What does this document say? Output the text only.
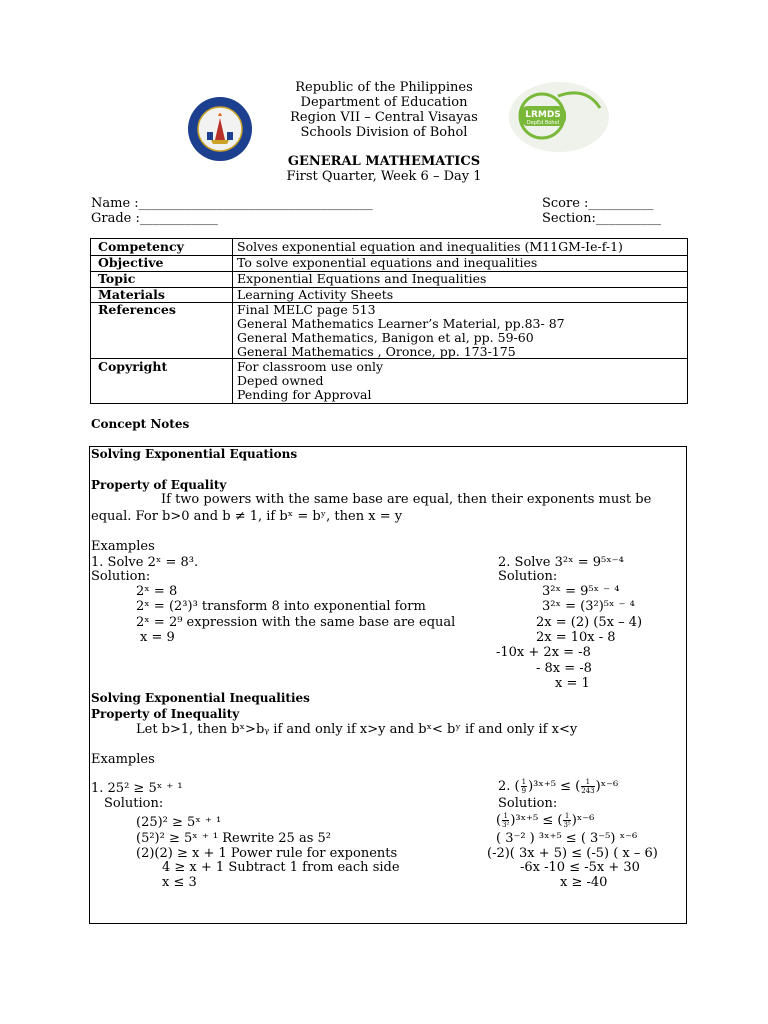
LRMDS
DepEd Bohol
Republic of the Philippines
Department of Education
Region VII – Central Visayas
Schools Division of Bohol
GENERAL MATHEMATICS
First Quarter, Week 6 – Day 1
Name :____________________________________
Grade :____________
Score :__________
Section:__________
Competency	Solves exponential equation and inequalities (M11GM-Ie-f-1)
Objective	To solve exponential equations and inequalities
Topic	Exponential Equations and Inequalities
Materials	Learning Activity Sheets
References	Final MELC page 513
General Mathematics Learner’s Material, pp.83- 87
General Mathematics, Banigon et al, pp. 59-60
General Mathematics , Oronce, pp. 173-175
Copyright	For classroom use only
Deped owned
Pending for Approval
Concept Notes
Solving Exponential Equations
Property of Equality
If two powers with the same base are equal, then their exponents must be
equal. For b>0 and b ≠ 1, if bˣ = bʸ, then x = y
Examples
1. Solve 2ˣ = 8³.
Solution:
2ˣ = 8
2ˣ = (2³)³ transform 8 into exponential form
2ˣ = 2⁹ expression with the same base are equal
x = 9
2. Solve 3²ˣ = 9⁵ˣ⁻⁴
Solution:
3²ˣ = 9⁵ˣ ⁻ ⁴
3²ˣ = (3²)⁵ˣ ⁻ ⁴
2x = (2) (5x – 4)
2x = 10x - 8
-10x + 2x = -8
- 8x = -8
x = 1
Solving Exponential Inequalities
Property of Inequality
Let b>1, then bˣ>bᵧ if and only if x>y and bˣ< bʸ if and only if x<y
Examples
1. 25² ≥ 5ˣ ⁺ ¹
Solution:
(25)² ≥ 5ˣ ⁺ ¹
(5²)² ≥ 5ˣ ⁺ ¹ Rewrite 25 as 5²
(2)(2) ≥ x + 1 Power rule for exponents
4 ≥ x + 1 Subtract 1 from each side
x ≤ 3
2. ( $\frac{1}{9}$ )³ˣ⁺⁵ ≤ ( $\frac{1}{243}$ )ˣ⁻⁶
Solution:
( $\frac{1}{\text{3²}}$ )³ˣ⁺⁵ ≤ ( $\frac{1}{\text{3⁵}}$ )ˣ⁻⁶
( 3⁻² ) ³ˣ⁺⁵ ≤ ( 3⁻⁵) ˣ⁻⁶
(-2)( 3x + 5) ≤ (-5) ( x – 6)
-6x -10 ≤ -5x + 30
x ≥ -40
